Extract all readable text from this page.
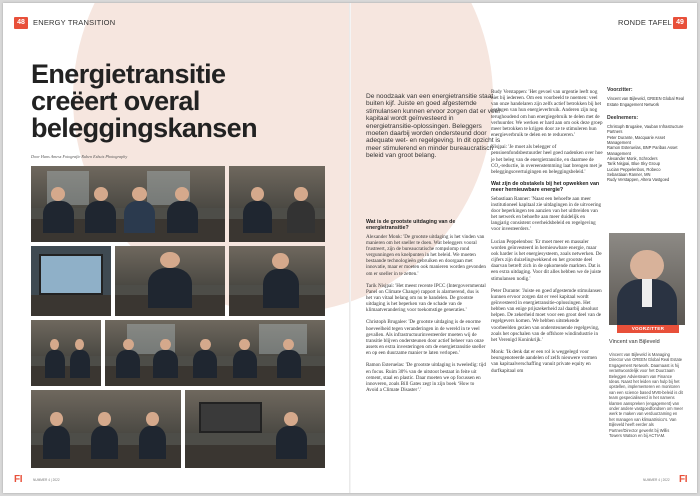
48	ENERGY TRANSITION
Energietransitie
creëert overal
beleggingskansen
Door Hans Amesz Fotografie Ruben Eshuis Photography
FI	NUMMER 4 | 2022
RONDE TAFEL 49
De noodzaak van een energietransitie staat buiten kijf. Juiste en goed afgestemde stimulansen kunnen ervoor zorgen dat er veel kapitaal wordt geïnvesteerd in energietransitie-oplossingen. Beleggers moeten daarbij worden ondersteund door adequate wet- en regelgeving. In dit opzicht is meer stimulerend en minder bureaucratisch beleid van groot belang.
Wat is de grootste uitdaging van de energietransitie?

Alexander Monk: 'De grootste uitdaging is het vinden van manieren om het sneller te doen. Wat beleggers vooral frustreert, zijn de bureaucratische rompslomp rond vergunningen en knelpunten in het beleid. We moeten bestaande technologieën gebruiken en doorgaan met innovatie, maar er moeten ook manieren worden gevonden om er sneller in te zetten.'

Tarik Nisjpai: 'Het meest recente IPCC (Intergovernmental Panel on Climate Change) rapport is alarmerend, dus is het van vitaal belang om nu te handelen. De grootste uitdaging is het beperken van de schade van de klimaatverandering voor toekomstige generaties.'

Christoph Brugalee: 'De grootste uitdaging is de enorme hoeveelheid tegen veranderingen in de wereld in te veel gevallen. Als infrastructuurinvesteerder moeten wij de transitie blijven ondersteunen door actief beheer van onze assets en extra investeringen om de energietransitie sneller en op een duurzame manier te laten verlopen.'

Ramon Esteruelas: 'De grootste uitdaging is tweeledig: tijd en focus. Ruim 30% van de uitstoot bestaat in feite uit cement, staal en plastic. Daar moeten we op focussen en innoveren, zoals Bill Gates zegt in zijn boek ‘How to Avoid a Climate Disaster’.'

Rudy Verstappen: 'Het gevoel van urgentie leeft nog niet bij iedereen. Om een voorbeeld te noemen: veel van onze handelaren zijn zelfs actief betrokken bij het verlagen van hun energieverbruik. Anderen zijn nog terughoudend om hun energiegebruik te delen met de verhuurder. We werken er hard aan om ook deze groep meer betrokken te krijgen door ze te stimuleren hun energieverbruik te delen en te reduceren.'

Nisjpai: 'Je moet als belegger of pensioenfondsbestuurder heel goed nadenken over hoe je het beleg van de energietransitie, en daarmee de CO₂-reductie, in overeenstemming laat brengen met je beleggingsovertuigingen en beleggingsbeleid.'

Wat zijn de obstakels bij het opwekken van meer hernieuwbare energie?

Sebastiaan Ranner: 'Naast een behoefte aan meer institutioneel kapitaal zie uitdagingen in de uitvoering door beperkingen ten aanzien van het uitbreiden van het netwerk en behoefte aan meer duidelijk en langjarig consistent overheidsbeleid en regelgeving voor investeerders.'

Lucian Peppelenbos: 'Er moet meer en massaler worden geïnvesteerd in hernieuwbare energie, maar ook harder is het energiesysteem, zoals netwerken. De cijfers zijn duizelingwekkend en het grootste deel daarvan betreft zich in de opkomende markten. Dat is een extra uitdaging. Voor dit alles hebben we de juiste stimulansen nodig.'

Peter Durante: 'Juiste en goed afgestemde stimulansen kunnen ervoor zorgen dat er veel kapitaal wordt geïnvesteerd in energietransitie-oplossingen. Het hebben van enige prijszekerheid zal daarbij absoluut helpen. De zekerheid moet voor een groot deel van de regelgevers komen. We hebben uitstekende voorbeelden gezien van ondersteunende regelgeving, zoals het opschalen van de offshore windindustrie in het Verenigd Koninkrijk.'

Monk: 'Ik denk dat er een rol is weggelegd voor beursgenoteerde aandelen of zelfs nieuwere vormen van kapitaalverschaffing vanuit private equity en durfkapitaal om

Voorzitter:
Vincent van Bijleveld, GREEN Global Real Estate Engagement Network
Deelnemers:
Christoph Brugalee, Vauban Infrastructure Partners
Peter Durante, Macquarie Asset Management
Ramon Esteruelas, BNP Paribas Asset Management
Alexander Monk, Schroders
Tarik Nisjpai, Blue Sky Group
Lucian Peppelenbos, Robeco
Sebastiaan Ranner, MN
Rudy Verstappen, Altera Vastgoed
VOORZITTER
Vincent van Bijleveld
Vincent van Bijleveld is Managing Director van GREEN Global Real Estate Engagement Network. Daarnaast is hij verantwoordelijk voor het Duurzaam Beleggen Adviesteam van Finance Ideas. Naast het leiden van hulp bij het opstellen, implementeren en monitoren van een science based MVB-beleid is dit team gespecialiseerd in het namens klanten aanspreken (engagement) van onder andere vastgoedfondsen om meer werk te maken van verduurzaming en het managen van klimaatrisico's. Van Bijleveld heeft eerder als Partner/Director gewerkt bij Willis Towers Watson en bij ACTIAM.
NUMMER 4 | 2022 FI
